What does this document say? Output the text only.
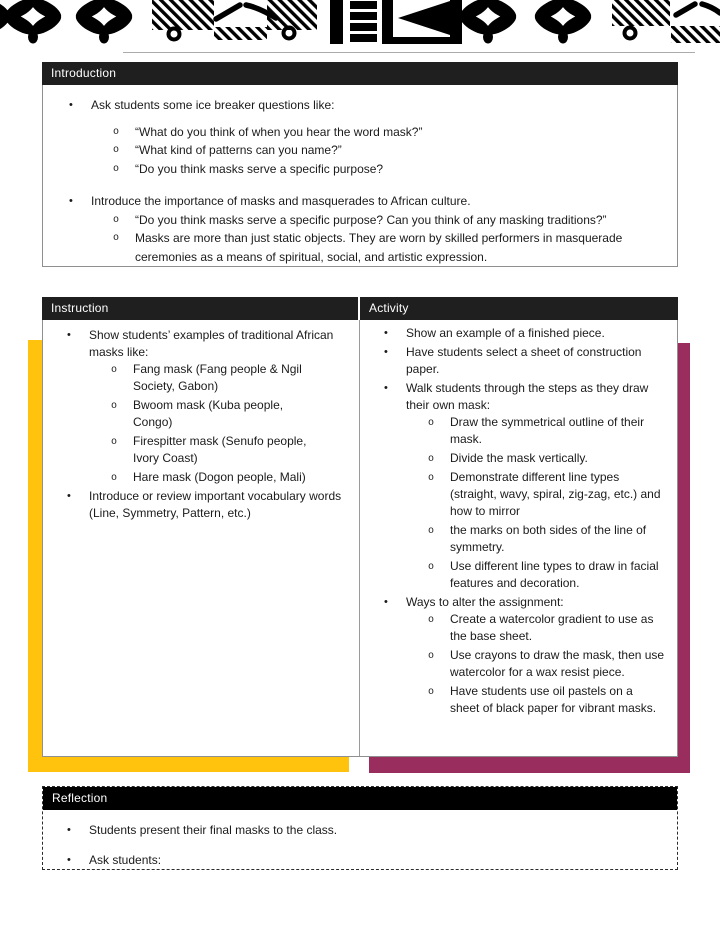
Introduction
• Ask students some ice breaker questions like:
o “What do you think of when you hear the word mask?”
o “What kind of patterns can you name?”
o “Do you think masks serve a specific purpose?
• Introduce the importance of masks and masquerades to African culture.
o “Do you think masks serve a specific purpose? Can you think of any masking traditions?”
o Masks are more than just static objects. They are worn by skilled performers in masquerade ceremonies as a means of spiritual, social, and artistic expression.
Instruction	Activity
• Show students’ examples of traditional African masks like:
o Fang mask (Fang people & Ngil Society, Gabon)
o Bwoom mask (Kuba people, Congo)
o Firespitter mask (Senufo people, Ivory Coast)
o Hare mask (Dogon people, Mali)
• Introduce or review important vocabulary words (Line, Symmetry, Pattern, etc.)
• Show an example of a finished piece.
• Have students select a sheet of construction paper.
• Walk students through the steps as they draw their own mask:
o Draw the symmetrical outline of their mask.
o Divide the mask vertically.
o Demonstrate different line types (straight, wavy, spiral, zig-zag, etc.) and how to mirror
o the marks on both sides of the line of symmetry.
o Use different line types to draw in facial features and decoration.
• Ways to alter the assignment:
o Create a watercolor gradient to use as the base sheet.
o Use crayons to draw the mask, then use watercolor for a wax resist piece.
o Have students use oil pastels on a sheet of black paper for vibrant masks.
Reflection
• Students present their final masks to the class.
• Ask students:
